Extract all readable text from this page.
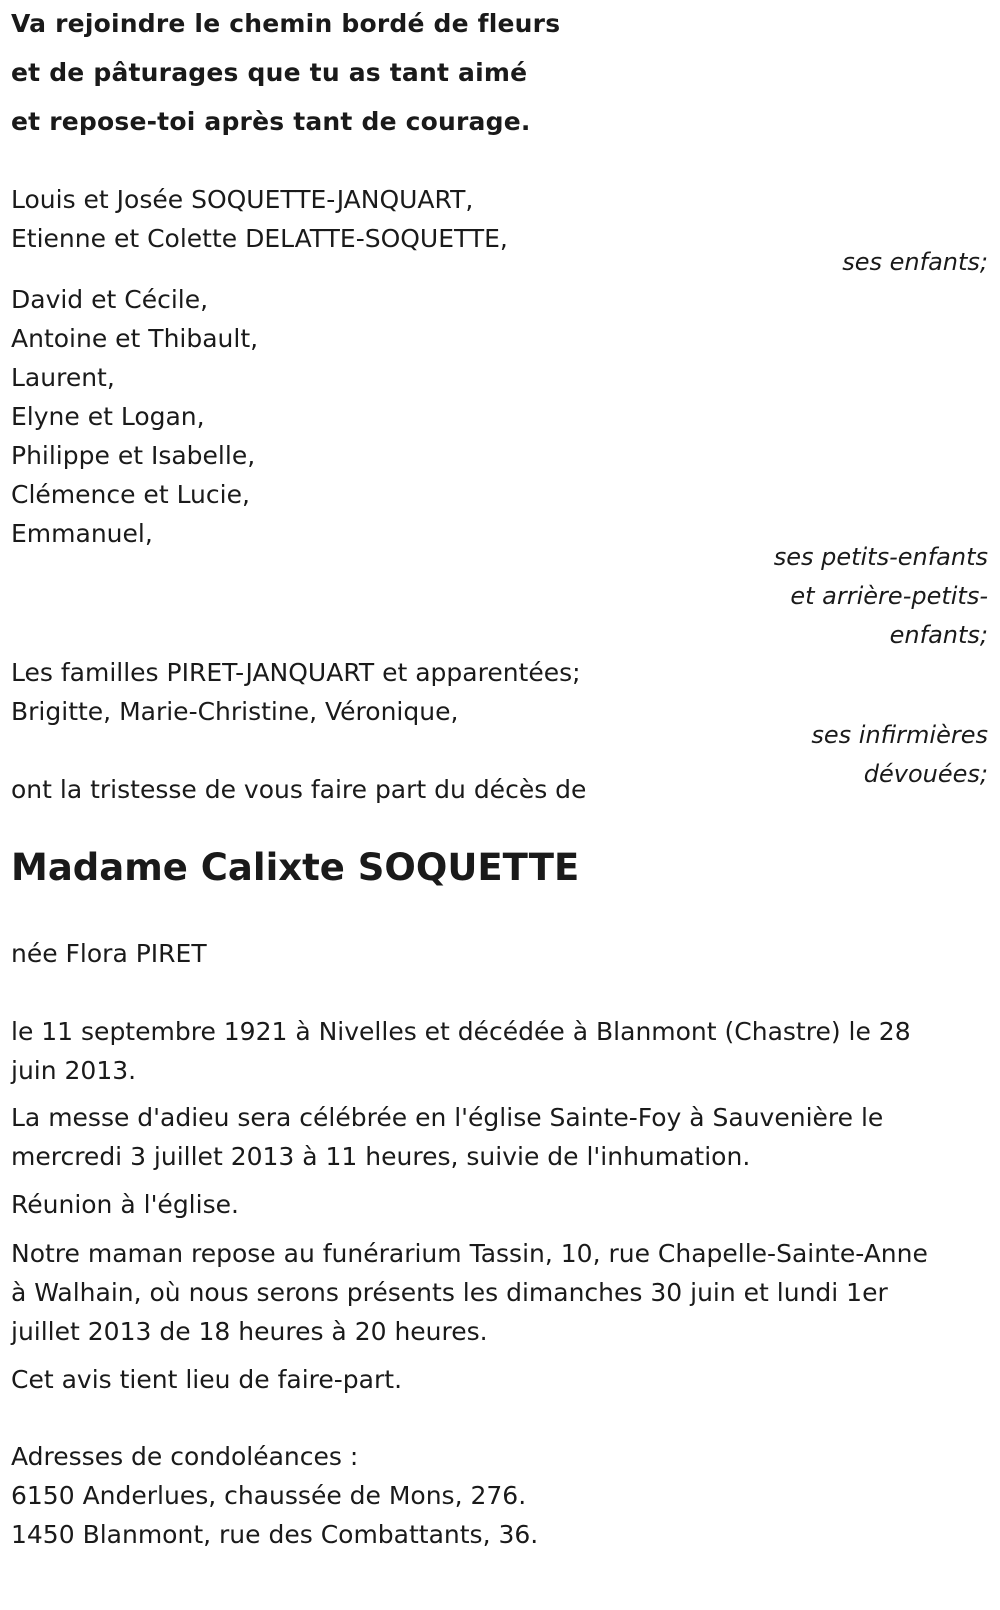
Va rejoindre le chemin bordé de fleurs
et de pâturages que tu as tant aimé
et repose-toi après tant de courage.
Louis et Josée SOQUETTE-JANQUART,
Etienne et Colette DELATTE-SOQUETTE,
ses enfants;
David et Cécile,
Antoine et Thibault,
Laurent,
Elyne et Logan,
Philippe et Isabelle,
Clémence et Lucie,
Emmanuel,
ses petits-enfants
et arrière-petits-
enfants;
Les familles PIRET-JANQUART et apparentées;
Brigitte, Marie-Christine, Véronique,
ses infirmières
dévouées;
ont la tristesse de vous faire part du décès de
Madame Calixte SOQUETTE
née Flora PIRET
le 11 septembre 1921 à Nivelles et décédée à Blanmont (Chastre) le 28
juin 2013.
La messe d'adieu sera célébrée en l'église Sainte-Foy à Sauvenière le
mercredi 3 juillet 2013 à 11 heures, suivie de l'inhumation.
Réunion à l'église.
Notre maman repose au funérarium Tassin, 10, rue Chapelle-Sainte-Anne
à Walhain, où nous serons présents les dimanches 30 juin et lundi 1er
juillet 2013 de 18 heures à 20 heures.
Cet avis tient lieu de faire-part.
Adresses de condoléances :
6150 Anderlues, chaussée de Mons, 276.
1450 Blanmont, rue des Combattants, 36.
